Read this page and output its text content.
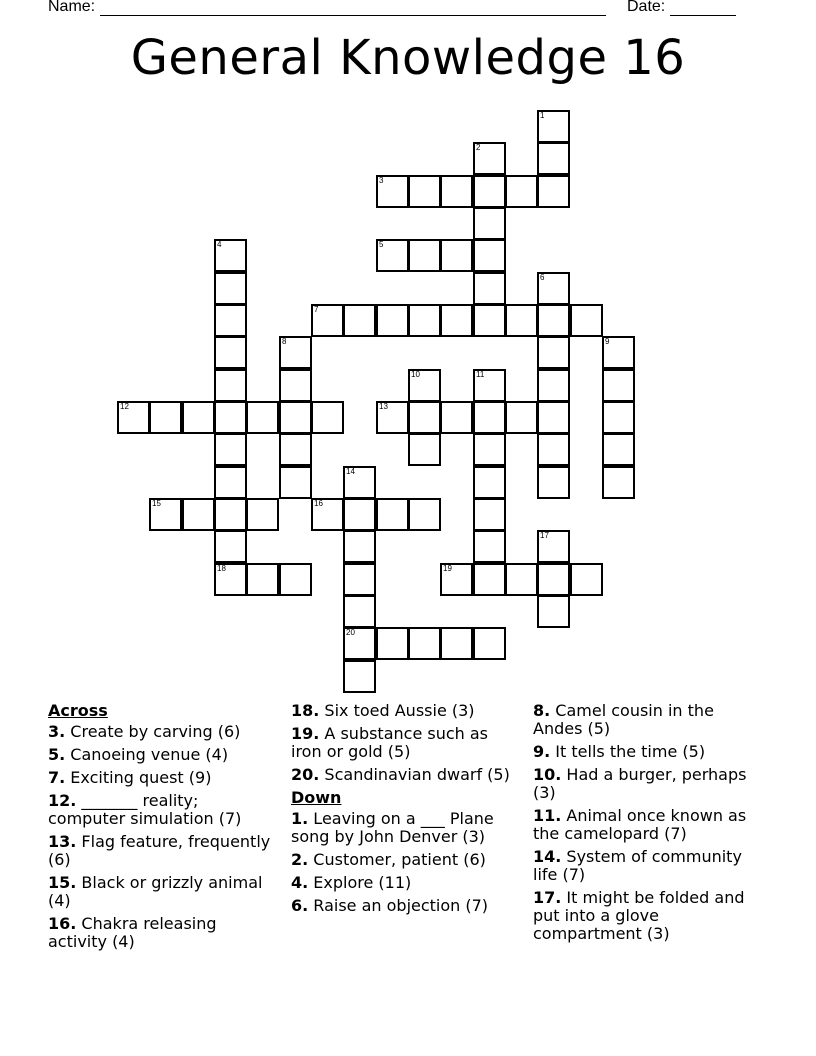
Name:	Date:
General Knowledge 16
1
2
3
4
18
5
6
7
8	9
10	11
12	13
14
20
15	16
17
19
Across
3. Create by carving (6)
5. Canoeing venue (4)
7. Exciting quest (9)
12. _______ reality; computer simulation (7)
13. Flag feature, frequently (6)
15. Black or grizzly animal (4)
16. Chakra releasing activity (4)
18. Six toed Aussie (3)
19. A substance such as iron or gold (5)
20. Scandinavian dwarf (5)
Down
1. Leaving on a ___ Plane song by John Denver (3)
2. Customer, patient (6)
4. Explore (11)
6. Raise an objection (7)
8. Camel cousin in the Andes (5)
9. It tells the time (5)
10. Had a burger, perhaps (3)
11. Animal once known as the camelopard (7)
14. System of community life (7)
17. It might be folded and put into a glove compartment (3)
